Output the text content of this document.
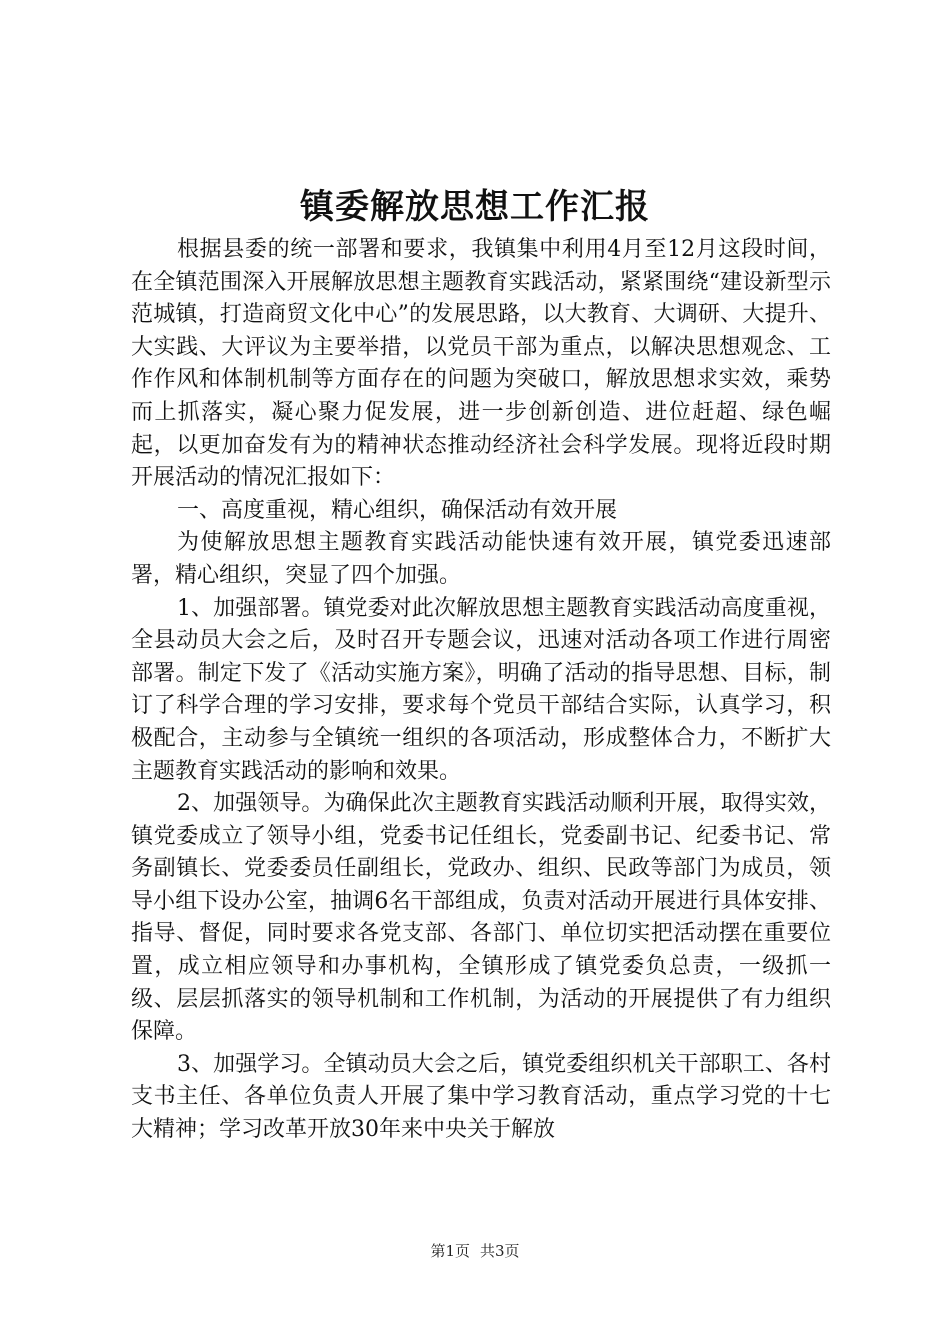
镇委解放思想工作汇报

根据县委的统一部署和要求，我镇集中利用4月至12月这段时间，在全镇范围深入开展解放思想主题教育实践活动，紧紧围绕“建设新型示范城镇，打造商贸文化中心”的发展思路，以大教育、大调研、大提升、大实践、大评议为主要举措，以党员干部为重点，以解决思想观念、工作作风和体制机制等方面存在的问题为突破口，解放思想求实效，乘势而上抓落实，凝心聚力促发展，进一步创新创造、进位赶超、绿色崛起，以更加奋发有为的精神状态推动经济社会科学发展。现将近段时期开展活动的情况汇报如下：

一、高度重视，精心组织，确保活动有效开展

为使解放思想主题教育实践活动能快速有效开展，镇党委迅速部署，精心组织，突显了四个加强。

1、加强部署。镇党委对此次解放思想主题教育实践活动高度重视，全县动员大会之后，及时召开专题会议，迅速对活动各项工作进行周密部署。制定下发了《活动实施方案》，明确了活动的指导思想、目标，制订了科学合理的学习安排，要求每个党员干部结合实际，认真学习，积极配合，主动参与全镇统一组织的各项活动，形成整体合力，不断扩大主题教育实践活动的影响和效果。

2、加强领导。为确保此次主题教育实践活动顺利开展，取得实效，镇党委成立了领导小组，党委书记任组长，党委副书记、纪委书记、常务副镇长、党委委员任副组长，党政办、组织、民政等部门为成员，领导小组下设办公室，抽调6名干部组成，负责对活动开展进行具体安排、指导、督促，同时要求各党支部、各部门、单位切实把活动摆在重要位置，成立相应领导和办事机构，全镇形成了镇党委负总责，一级抓一级、层层抓落实的领导机制和工作机制，为活动的开展提供了有力组织保障。

3、加强学习。全镇动员大会之后，镇党委组织机关干部职工、各村支书主任、各单位负责人开展了集中学习教育活动，重点学习党的十七大精神；学习改革开放30年来中央关于解放

第1页 共3页
